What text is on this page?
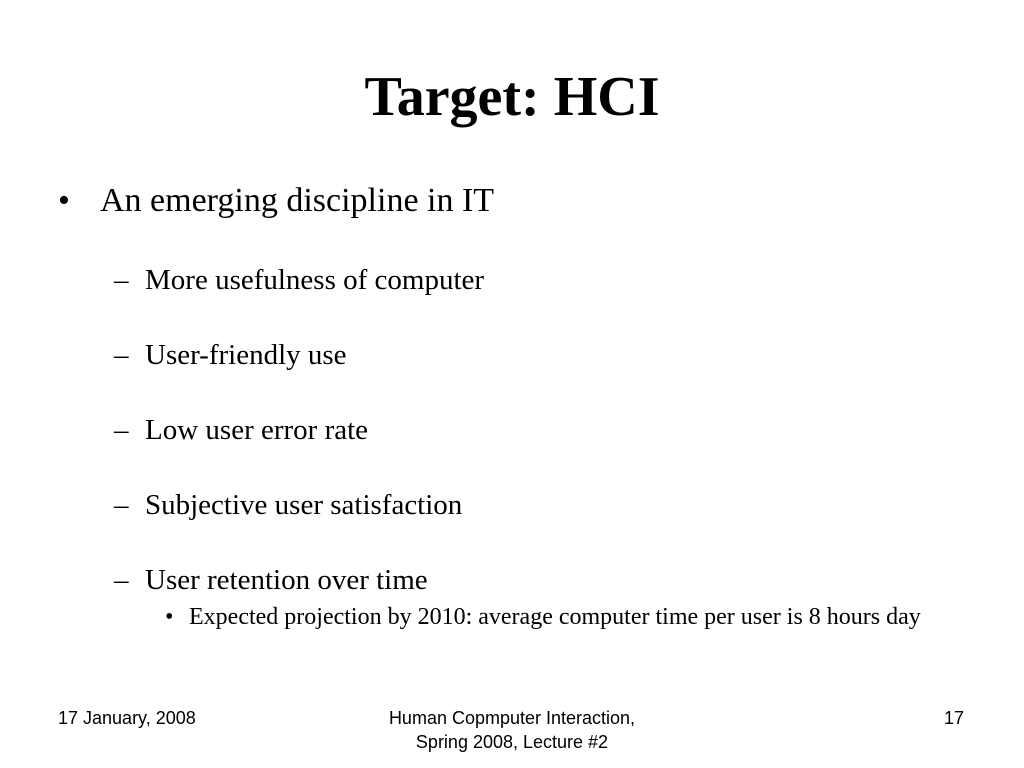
Target: HCI
• An emerging discipline in IT
– More usefulness of computer
– User-friendly use
– Low user error rate
– Subjective user satisfaction
– User retention over time
• Expected projection by 2010: average computer time per user is 8 hours day
17 January, 2008	Human Copmputer Interaction,
Spring 2008, Lecture #2
17
